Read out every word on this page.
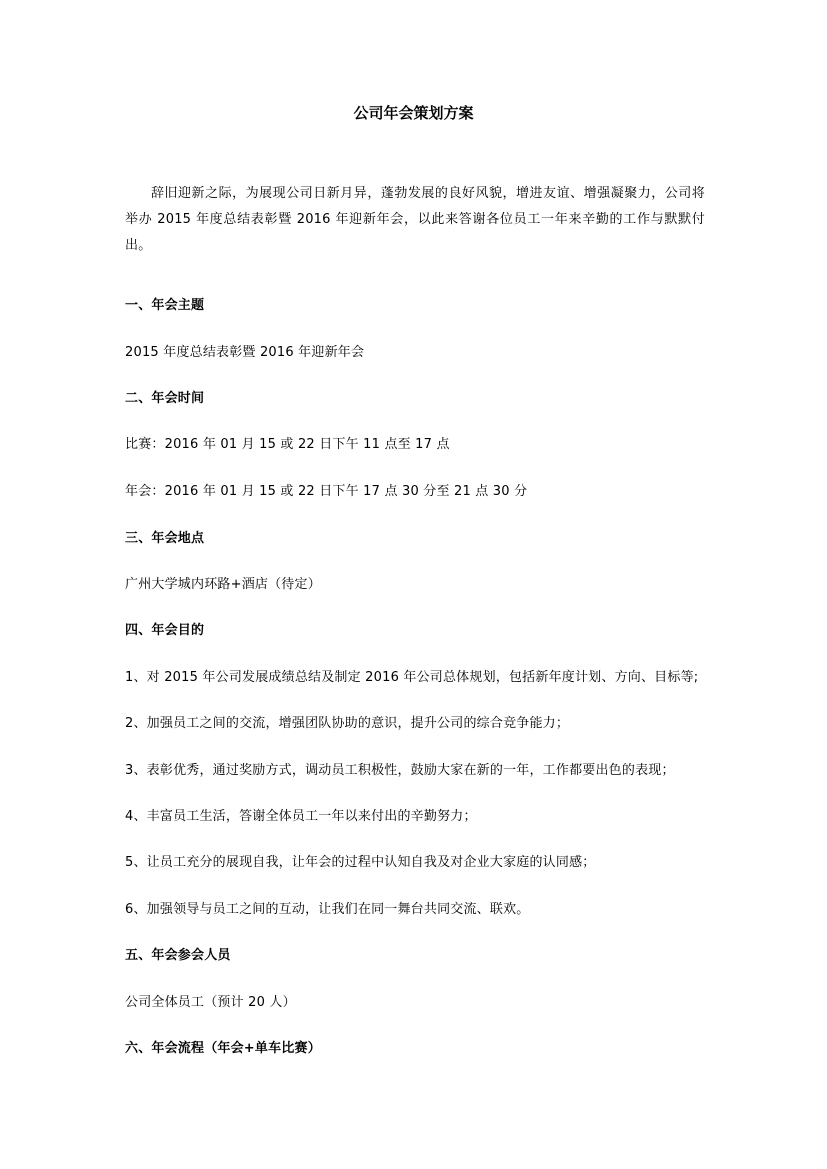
公司年会策划方案
辞旧迎新之际，为展现公司日新月异，蓬勃发展的良好风貌，增进友谊、增强凝聚力，公司将举办 2015 年度总结表彰暨 2016 年迎新年会，以此来答谢各位员工一年来辛勤的工作与默默付出。
一、年会主题
2015 年度总结表彰暨 2016 年迎新年会
二、年会时间
比赛：2016 年 01 月 15 或 22 日下午 11 点至 17 点
年会：2016 年 01 月 15 或 22 日下午 17 点 30 分至 21 点 30 分
三、年会地点
广州大学城内环路+酒店（待定）
四、年会目的
1、对 2015 年公司发展成绩总结及制定 2016 年公司总体规划，包括新年度计划、方向、目标等;
2、加强员工之间的交流，增强团队协助的意识，提升公司的综合竞争能力；
3、表彰优秀，通过奖励方式，调动员工积极性，鼓励大家在新的一年，工作都要出色的表现；
4、丰富员工生活，答谢全体员工一年以来付出的辛勤努力；
5、让员工充分的展现自我，让年会的过程中认知自我及对企业大家庭的认同感；
6、加强领导与员工之间的互动，让我们在同一舞台共同交流、联欢。
五、年会参会人员
公司全体员工（预计 20 人）
六、年会流程（年会+单车比赛）
